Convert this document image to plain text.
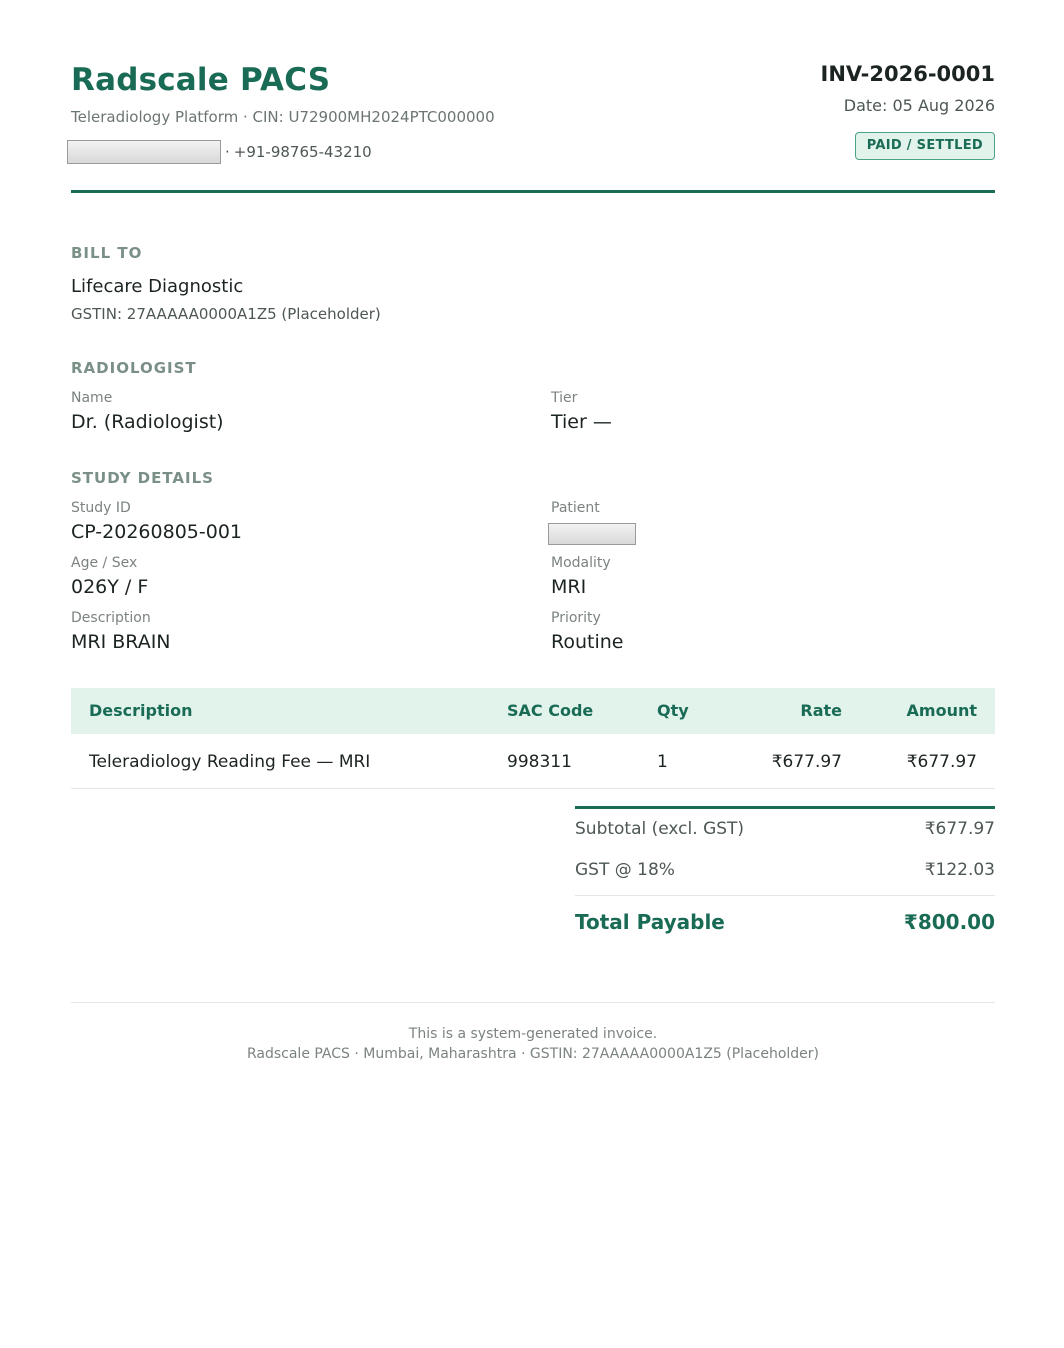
Radscale PACS
Teleradiology Platform · CIN: U72900MH2024PTC000000
· +91-98765-43210
INV-2026-0001
Date: 05 Aug 2026
PAID / SETTLED
BILL TO
Lifecare Diagnostic
GSTIN: 27AAAAA0000A1Z5 (Placeholder)
RADIOLOGIST
Name
Dr. (Radiologist)
Tier
Tier —
STUDY DETAILS
Study ID
CP-20260805-001
Patient
Age / Sex
026Y / F
Modality
MRI
Description
MRI BRAIN
Priority
Routine
Description	SAC Code	Qty	Rate	Amount
Teleradiology Reading Fee — MRI	998311	1	₹677.97	₹677.97
Subtotal (excl. GST)	₹677.97
GST @ 18%	₹122.03
Total Payable	₹800.00
This is a system-generated invoice.
Radscale PACS · Mumbai, Maharashtra · GSTIN: 27AAAAA0000A1Z5 (Placeholder)
